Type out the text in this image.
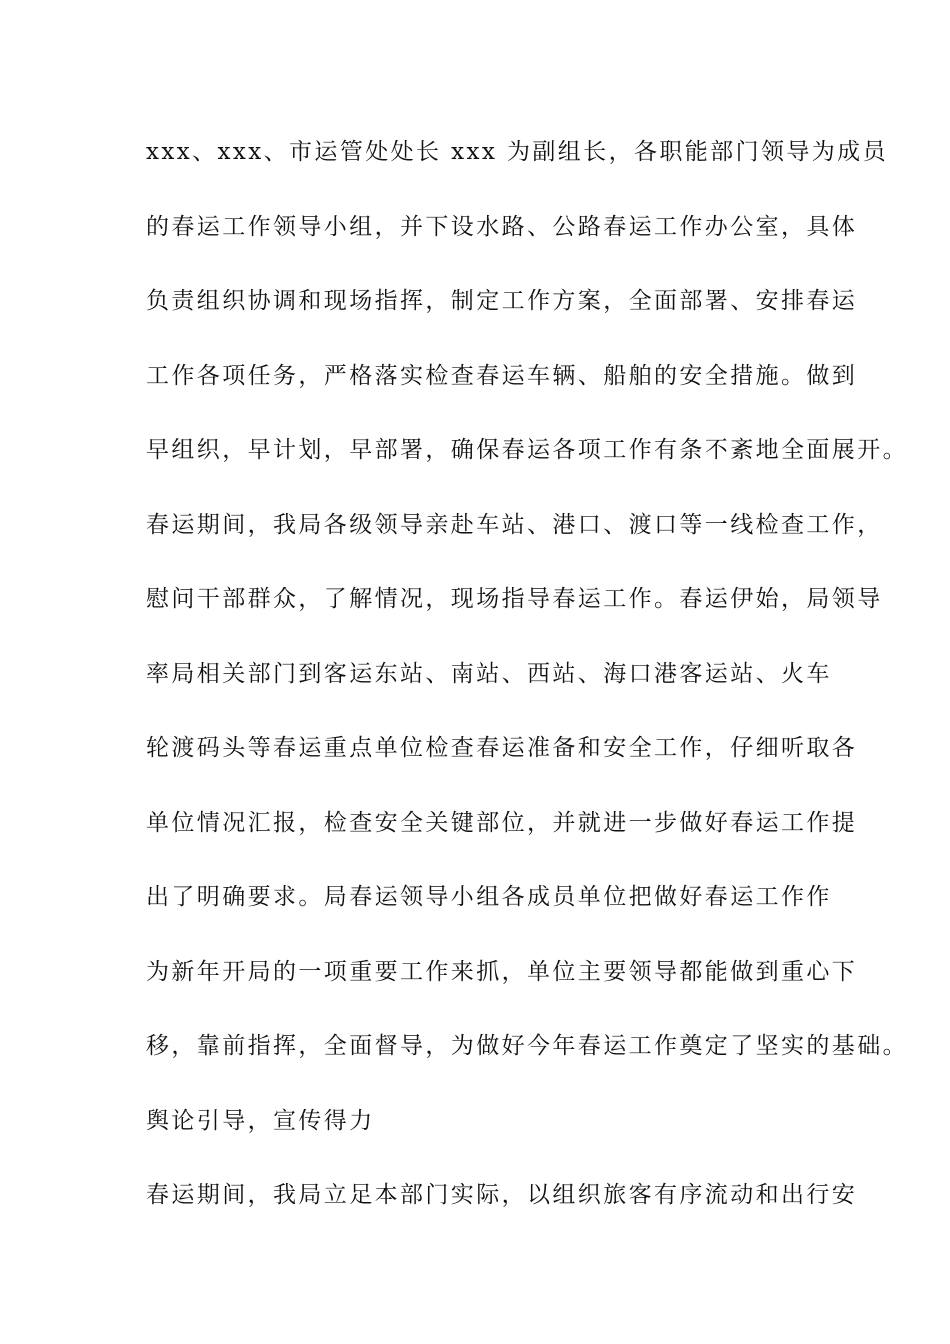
xxx、xxx、市运管处处长 xxx 为副组长，各职能部门领导为成员
的春运工作领导小组，并下设水路、公路春运工作办公室，具体
负责组织协调和现场指挥，制定工作方案，全面部署、安排春运
工作各项任务，严格落实检查春运车辆、船舶的安全措施。做到
早组织，早计划，早部署，确保春运各项工作有条不紊地全面展开。
春运期间，我局各级领导亲赴车站、港口、渡口等一线检查工作，
慰问干部群众，了解情况，现场指导春运工作。春运伊始，局领导
率局相关部门到客运东站、南站、西站、海口港客运站、火车
轮渡码头等春运重点单位检查春运准备和安全工作，仔细听取各
单位情况汇报，检查安全关键部位，并就进一步做好春运工作提
出了明确要求。局春运领导小组各成员单位把做好春运工作作
为新年开局的一项重要工作来抓，单位主要领导都能做到重心下
移，靠前指挥，全面督导，为做好今年春运工作奠定了坚实的基础。
舆论引导，宣传得力
春运期间，我局立足本部门实际，以组织旅客有序流动和出行安
